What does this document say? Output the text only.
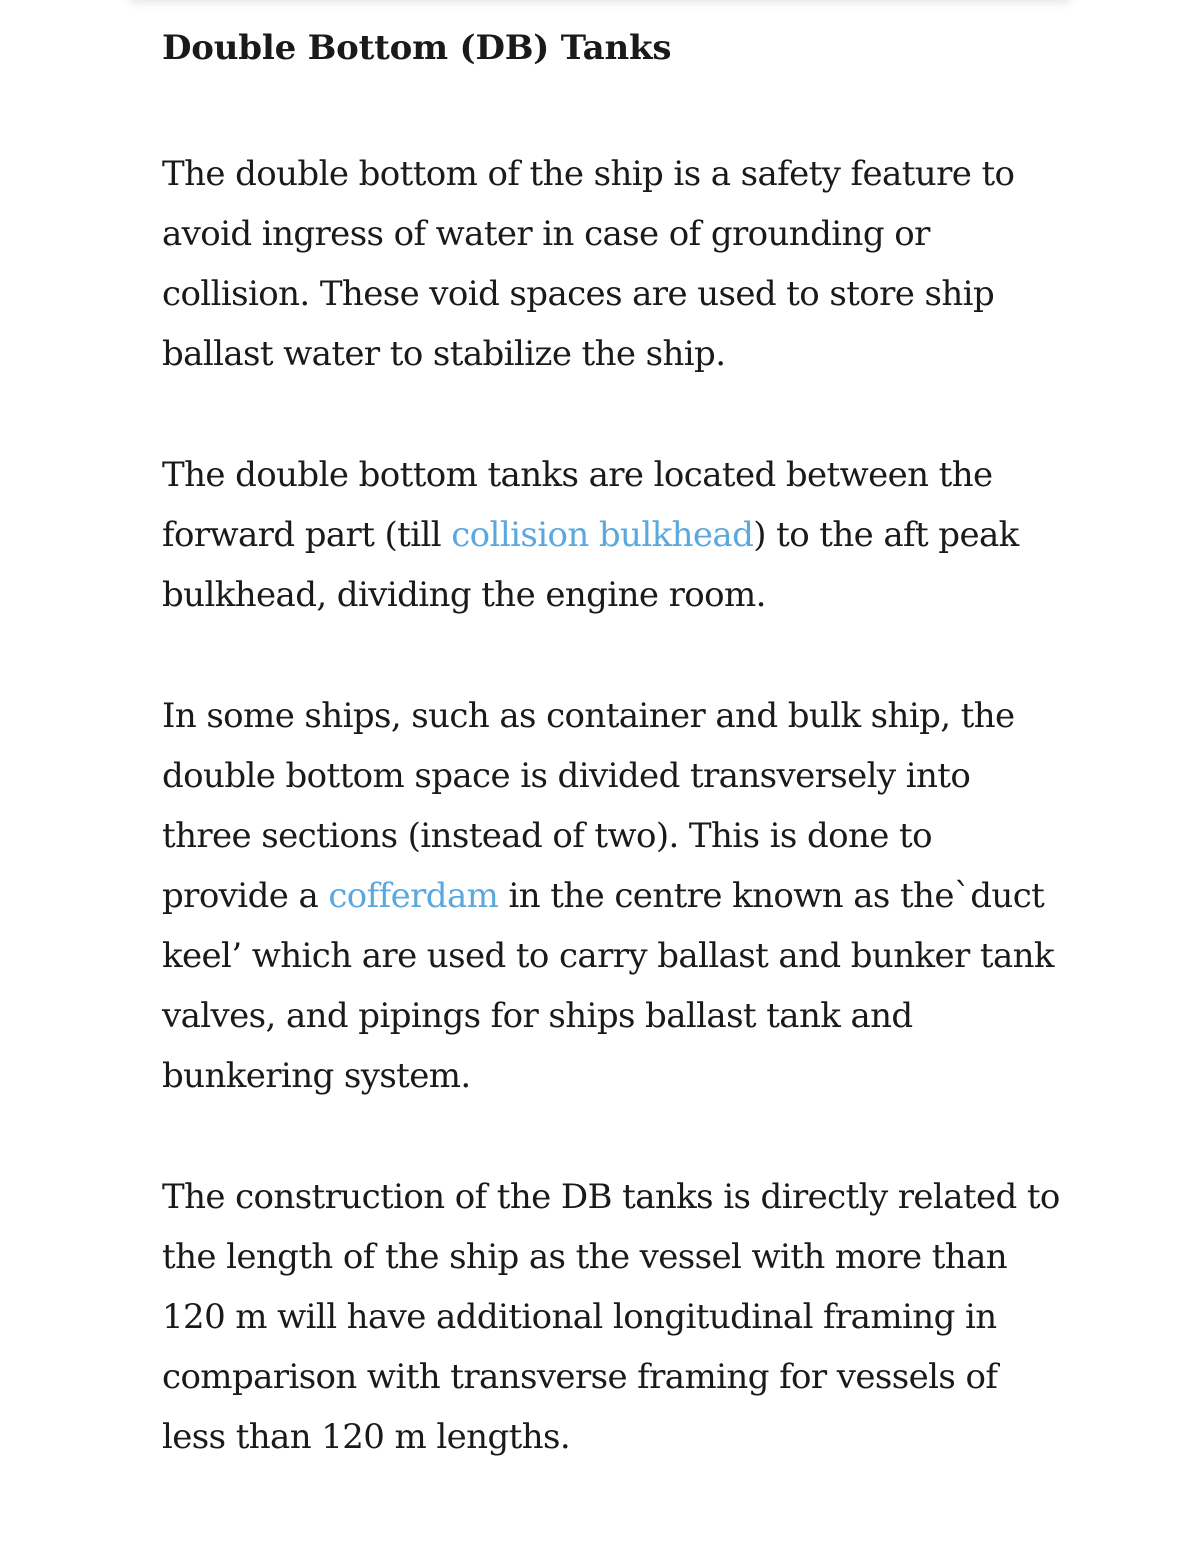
Double Bottom (DB) Tanks

The double bottom of the ship is a safety feature to avoid ingress of water in case of grounding or collision. These void spaces are used to store ship ballast water to stabilize the ship.

The double bottom tanks are located between the forward part (till collision bulkhead) to the aft peak bulkhead, dividing the engine room.

In some ships, such as container and bulk ship, the double bottom space is divided transversely into three sections (instead of two). This is done to provide a cofferdam in the centre known as the`duct keel’ which are used to carry ballast and bunker tank valves, and pipings for ships ballast tank and bunkering system.

The construction of the DB tanks is directly related to the length of the ship as the vessel with more than 120 m will have additional longitudinal framing in comparison with transverse framing for vessels of less than 120 m lengths.
